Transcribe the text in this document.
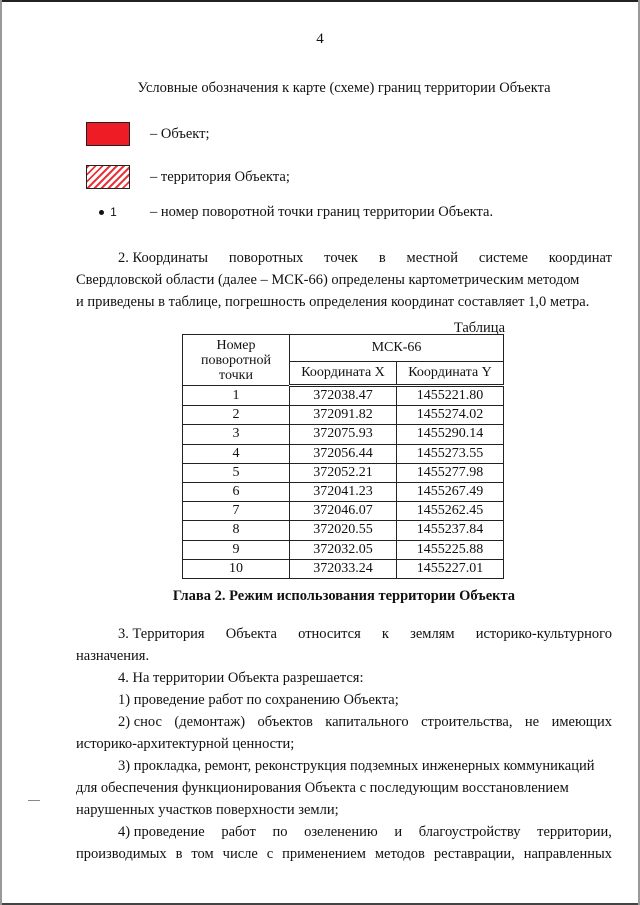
4
Условные обозначения к карте (схеме) границ территории Объекта
– Объект;
– территория Объекта;
1 – номер поворотной точки границ территории Объекта.
2. Координаты поворотных точек в местной системе координат
Свердловской области (далее – МСК-66) определены картометрическим методом
и приведены в таблице, погрешность определения координат составляет 1,0 метра.
Таблица
Номер поворотной точки	МСК-66	
	Координата X	Координата Y
1	372038.47	1455221.80
2	372091.82	1455274.02
3	372075.93	1455290.14
4	372056.44	1455273.55
5	372052.21	1455277.98
6	372041.23	1455267.49
7	372046.07	1455262.45
8	372020.55	1455237.84
9	372032.05	1455225.88
10	372033.24	1455227.01
Глава 2. Режим использования территории Объекта
3. Территория Объекта относится к землям историко-культурного
назначения.
4. На территории Объекта разрешается:
1) проведение работ по сохранению Объекта;
2) снос (демонтаж) объектов капитального строительства, не имеющих
историко-архитектурной ценности;
3) прокладка, ремонт, реконструкция подземных инженерных коммуникаций
для обеспечения функционирования Объекта с последующим восстановлением
нарушенных участков поверхности земли;
4) проведение работ по озеленению и благоустройству территории,
производимых в том числе с применением методов реставрации, направленных
